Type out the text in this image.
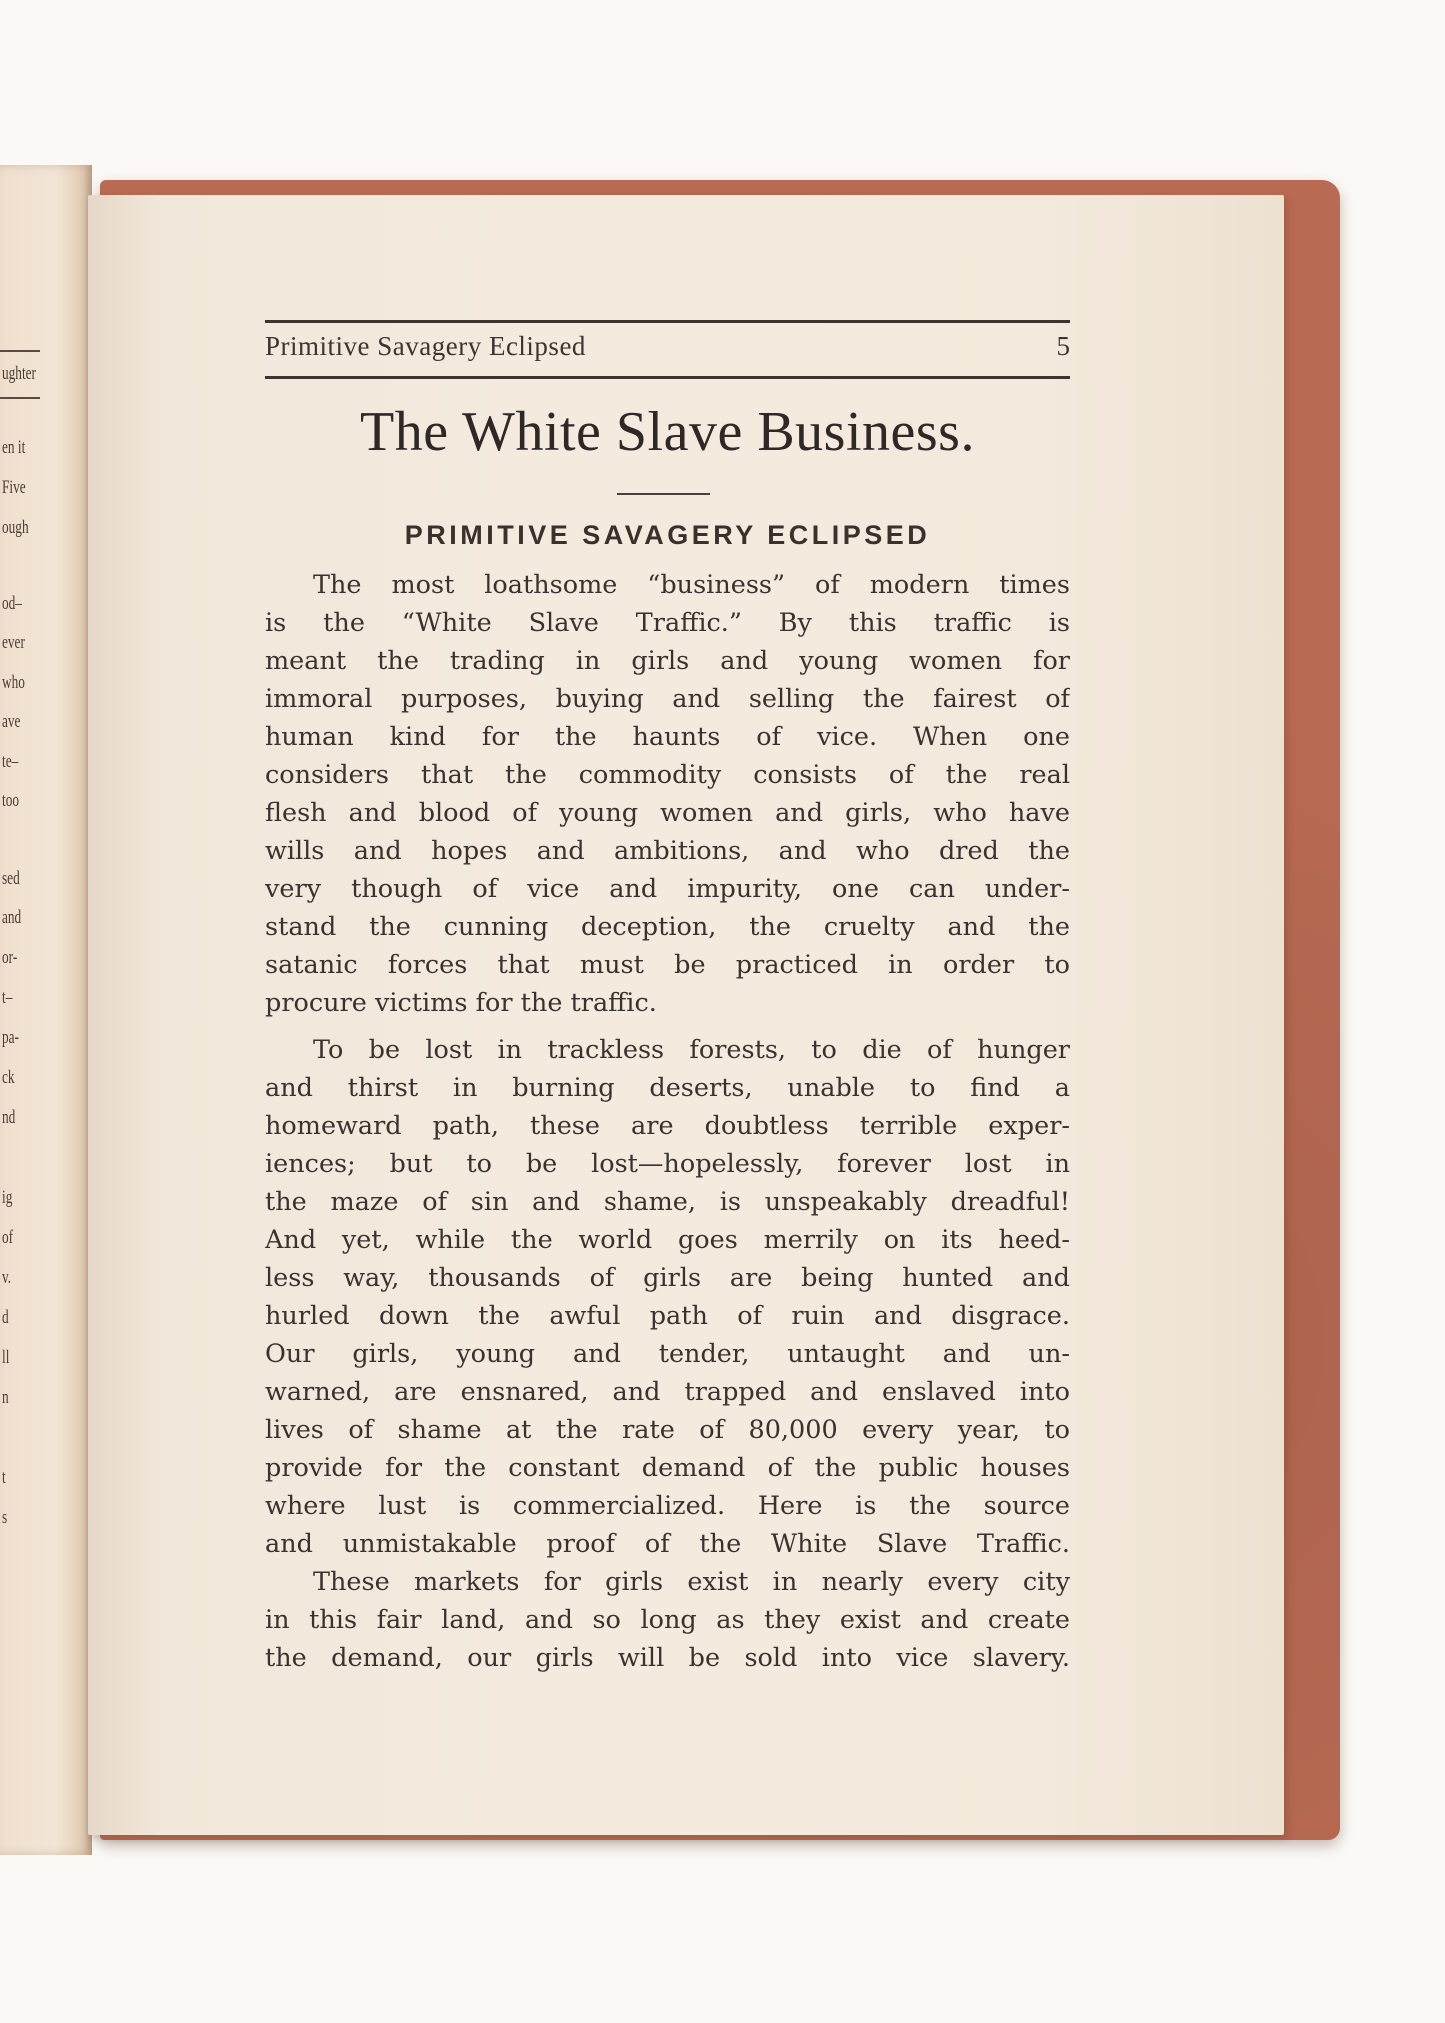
ughter
en it
Five
ough
od–
ever
who
ave
te–
too
sed
and
or-
t–
pa-
ck
nd
ig
of
v.
d
ll
n
t
s
Primitive Savagery Eclipsed	5
The White Slave Business.
PRIMITIVE SAVAGERY ECLIPSED
The most loathsome “business” of modern times
is the “White Slave Traffic.” By this traffic is
meant the trading in girls and young women for
immoral purposes, buying and selling the fairest of
human kind for the haunts of vice. When one
considers that the commodity consists of the real
flesh and blood of young women and girls, who have
wills and hopes and ambitions, and who dred the
very though of vice and impurity, one can under-
stand the cunning deception, the cruelty and the
satanic forces that must be practiced in order to
procure victims for the traffic.
To be lost in trackless forests, to die of hunger
and thirst in burning deserts, unable to find a
homeward path, these are doubtless terrible exper-
iences; but to be lost—hopelessly, forever lost in
the maze of sin and shame, is unspeakably dreadful!
And yet, while the world goes merrily on its heed-
less way, thousands of girls are being hunted and
hurled down the awful path of ruin and disgrace.
Our girls, young and tender, untaught and un-
warned, are ensnared, and trapped and enslaved into
lives of shame at the rate of 80,000 every year, to
provide for the constant demand of the public houses
where lust is commercialized. Here is the source
and unmistakable proof of the White Slave Traffic.
These markets for girls exist in nearly every city
in this fair land, and so long as they exist and create
the demand, our girls will be sold into vice slavery.
